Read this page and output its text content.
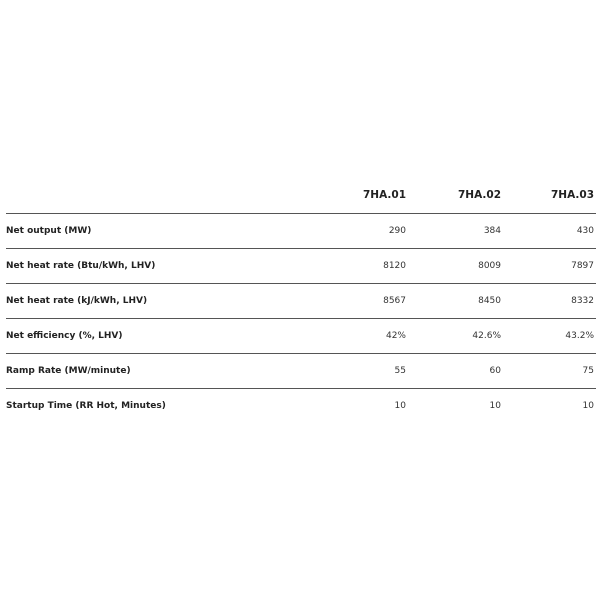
	7HA.01	7HA.02	7HA.03
Net output (MW)	290	384	430
Net heat rate (Btu/kWh, LHV)	8120	8009	7897
Net heat rate (kJ/kWh, LHV)	8567	8450	8332
Net efficiency (%, LHV)	42%	42.6%	43.2%
Ramp Rate (MW/minute)	55	60	75
Startup Time (RR Hot, Minutes)	10	10	10
